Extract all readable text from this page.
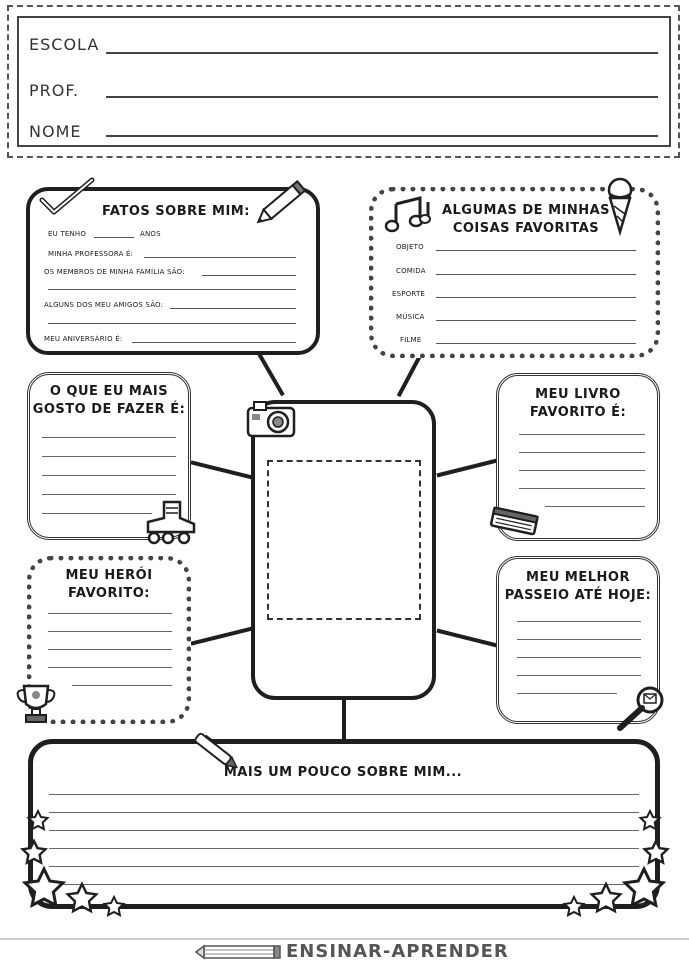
ESCOLA
PROF.
NOME
FATOS SOBRE MIM:
EU TENHO	ANOS
MINHA PROFESSORA É:
OS MEMBROS DE MINHA FAMÍLIA SÃO:
ALGUNS DOS MEU AMIGOS SÃO:
MEU ANIVERSÁRIO É:
ALGUMAS DE MINHAS
COISAS FAVORITAS
OBJETO
COMIDA
ESPORTE
MÚSICA
FILME
O QUE EU MAIS
GOSTO DE FAZER É:
MEU LIVRO
FAVORITO É:
MEU HERÓI
FAVORITO:
MEU MELHOR
PASSEIO ATÉ HOJE:
MAIS UM POUCO SOBRE MIM...
ENSINAR-APRENDER
